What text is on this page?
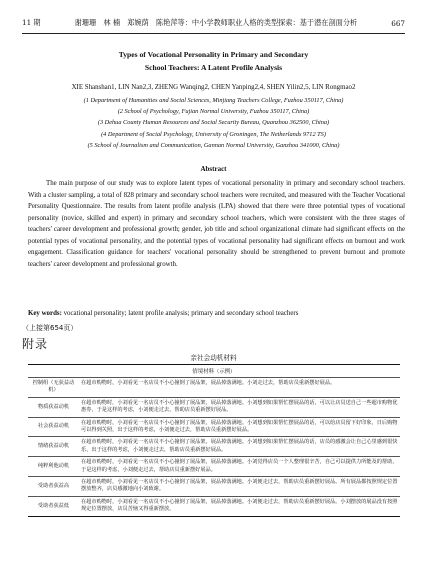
11 期	谢珊珊　林 楠　郑婉荫　陈艳萍等：中小学教师职业人格的类型探索：基于潜在剖面分析	667
Types of Vocational Personality in Primary and Secondary
School Teachers: A Latent Profile Analysis
XIE Shanshan1, LIN Nan2,3, ZHENG Wanqing2, CHEN Yanping2,4, SHEN Yilin2,5, LIN Rongmao2
(1 Department of Humanities and Social Sciences, Minjiang Teachers College, Fuzhou 350117, China)
(2 School of Psychology, Fujian Normal University, Fuzhou 350117, China)
(3 Dehua County Human Resources and Social Security Bureau, Quanzhou 362500, China)
(4 Department of Social Psychology, University of Groningen, The Netherlands 9712 TS)
(5 School of Journalism and Communication, Gannan Normal University, Ganzhou 341000, China)
Abstract
The main purpose of our study was to explore latent types of vocational personality in primary and secondary school teachers. With a cluster sampling, a total of 828 primary and secondary school teachers were recruited, and measured with the Teacher Vocational Personality Questionnaire. The results from latent profile analysis (LPA) showed that there were three potential types of vocational personality (novice, skilled and expert) in primary and secondary school teachers, which were consistent with the three stages of teachers' career development and professional growth; gender, job title and school organizational climate had significant effects on the potential types of vocational personality, and the potential types of vocational personality had significant effects on burnout and work engagement. Classification guidance for teachers' vocational personality should be strengthened to prevent burnout and promote teachers' career development and professional growth.
Key words: vocational personality; latent profile analysis; primary and secondary school teachers
（上接第654页）
附录
亲社会动机材料
情境材料（示例）	
控制组（无获益动机）	在超市购物时，小刘看见一名店员不小心撞倒了展品架，展品掉落满地。小刘走过去，帮助店员重新摆好展品。
物质获益动机	在超市购物时，小刘看见一名店员不小心撞倒了展品架，展品掉落满地。小刘想到如果帮忙摆展品的话，可以让店员送自己一些超市购物优惠券，于是这样的考虑，小刘便走过去，帮助店员重新摆好展品。
社会获益动机	在超市购物时，小刘看见一名店员不小心撞倒了展品架，展品掉落满地。小刘想到如果帮忙摆展品的话，可以给店员留下好印象，日后购物可以得到关照，出于这样的考虑，小刘便走过去，帮助店员重新摆好展品。
情绪获益动机	在超市购物时，小刘看见一名店员不小心撞倒了展品架，展品掉落满地。小刘想到如果帮忙摆展品的话，店员的感激会让自己心里感到很快乐，出于这样的考虑，小刘便走过去，帮助店员重新摆好展品。
纯粹利他动机	在超市购物时，小刘看见一名店员不小心撞倒了展品架，展品掉落满地。小刘觉得店员一个人整理很辛苦，自己可以提供力所能及的帮助，于是这样的考虑，小刘便走过去，帮助店员重新摆好展品。
受助者获益高	在超市购物时，小刘看见一名店员不小心撞倒了展品架，展品掉落满地。小刘便走过去，帮助店员重新摆好展品。所有展品都按照规定位置摆放整齐，店员感激地向小刘致谢。
受助者获益低	在超市购物时，小刘看见一名店员不小心撞倒了展品架，展品掉落满地。小刘便走过去，帮助店员重新摆好展品。小刘摆放的展品没有按照规定位置摆放，店员苦恼又得重新摆放。
